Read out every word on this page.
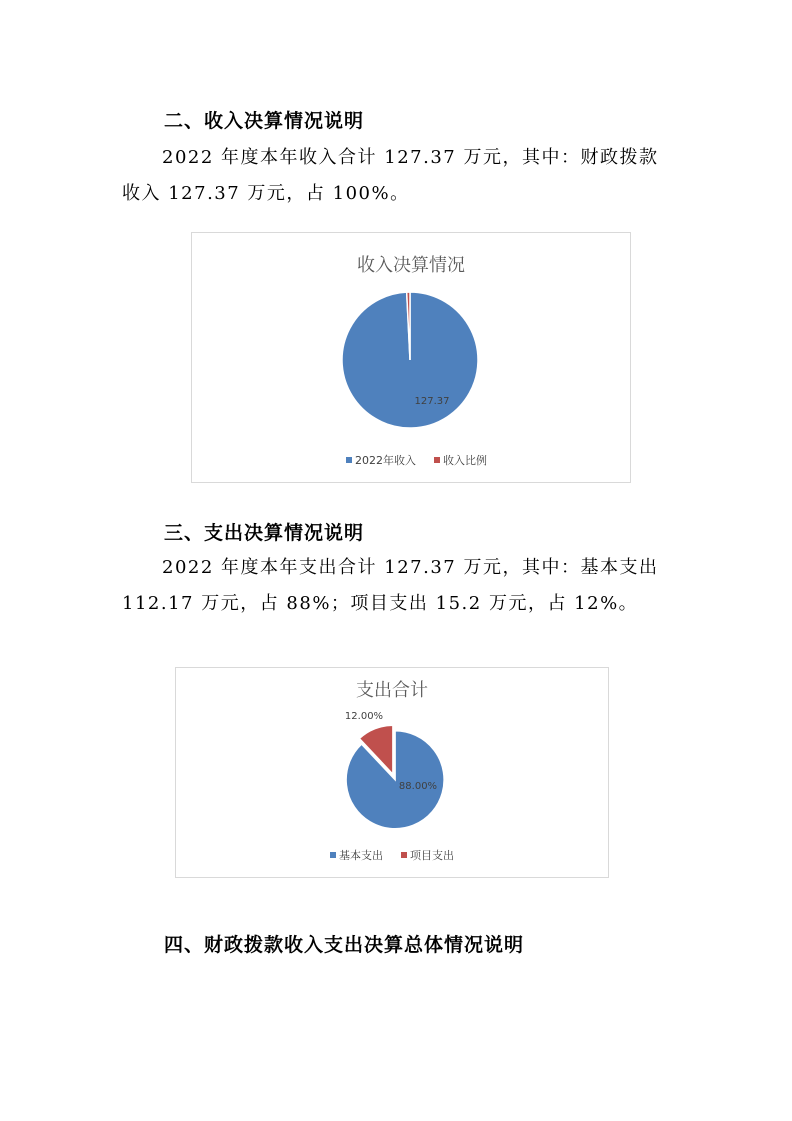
二、收入决算情况说明
2022 年度本年收入合计 127.37 万元，其中：财政拨款
收入 127.37 万元，占 100%。
收入决算情况
127.37
2022年收入 收入比例
三、支出决算情况说明
2022 年度本年支出合计 127.37 万元，其中：基本支出
112.17 万元，占 88%；项目支出 15.2 万元，占 12%。
支出合计
88.00%
12.00%
基本支出 项目支出
四、财政拨款收入支出决算总体情况说明
